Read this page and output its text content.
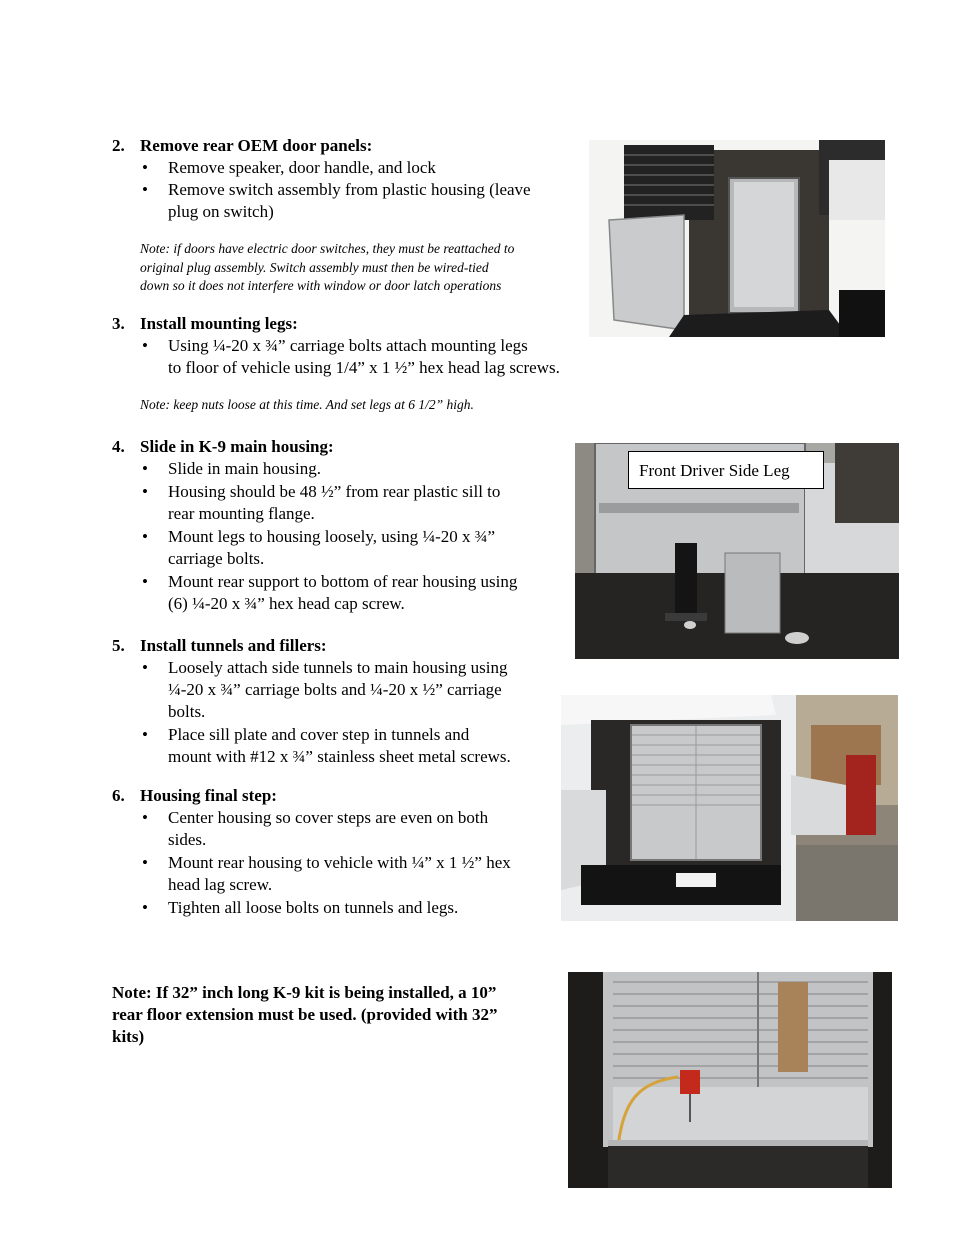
2. Remove rear OEM door panels:
• Remove speaker, door handle, and lock
• Remove switch assembly from plastic housing (leave
plug on switch)
Note: if doors have electric door switches, they must be reattached to
original plug assembly. Switch assembly must then be wired-tied
down so it does not interfere with window or door latch operations
3. Install mounting legs:
• Using ¼-20 x ¾” carriage bolts attach mounting legs
to floor of vehicle using 1/4” x 1 ½” hex head lag screws.
Note: keep nuts loose at this time. And set legs at 6 1/2” high.
4. Slide in K-9 main housing:
• Slide in main housing.
• Housing should be 48 ½” from rear plastic sill to
rear mounting flange.
• Mount legs to housing loosely, using ¼-20 x ¾”
carriage bolts.
• Mount rear support to bottom of rear housing using
(6) ¼-20 x ¾” hex head cap screw.
5. Install tunnels and fillers:
• Loosely attach side tunnels to main housing using
¼-20 x ¾” carriage bolts and ¼-20 x ½” carriage
bolts.
• Place sill plate and cover step in tunnels and
mount with #12 x ¾” stainless sheet metal screws.
6. Housing final step:
• Center housing so cover steps are even on both
sides.
• Mount rear housing to vehicle with ¼” x 1 ½” hex
head lag screw.
• Tighten all loose bolts on tunnels and legs.
Note: If 32” inch long K-9 kit is being installed, a 10”
rear floor extension must be used. (provided with 32”
kits)
Front Driver Side Leg
